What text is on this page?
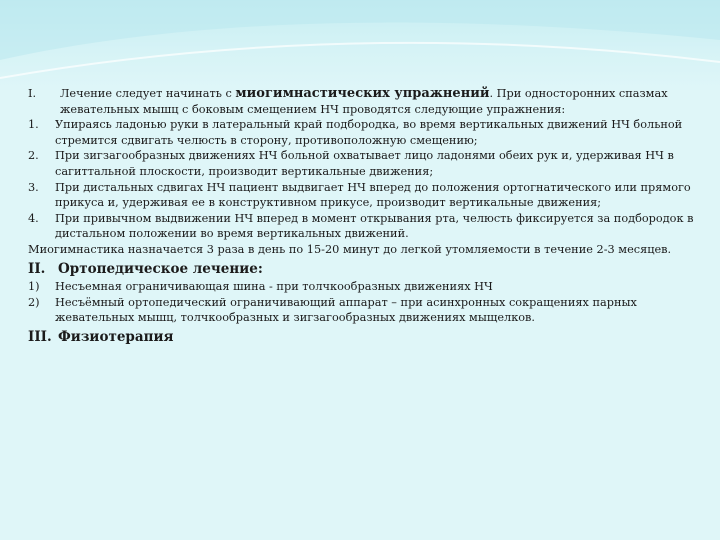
I.	Лечение следует начинать с миогимнастических упражнений. При односторонних спазмах жевательных мышц с боковым смещением НЧ проводятся следующие упражнения:
1.	Упираясь ладонью руки в латеральный край подбородка, во время вертикальных движений НЧ больной стремится сдвигать челюсть в сторону, противоположную смещению;
2.	При зигзагообразных движениях НЧ больной охватывает лицо ладонями обеих рук и, удерживая НЧ в сагиттальной плоскости, производит вертикальные движения;
3.	При дистальных сдвигах НЧ пациент выдвигает НЧ вперед до положения ортогнатического или прямого прикуса и, удерживая ее в конструктивном прикусе, производит вертикальные движения;
4.	При привычном выдвижении НЧ вперед в момент открывания рта, челюсть фиксируется за подбородок в дистальном положении во время вертикальных движений.
Миогимнастика назначается 3 раза в день по 15-20 минут до легкой утомляемости в течение 2-3 месяцев.
II. Ортопедическое лечение:
1)	Несъемная ограничивающая шина - при толчкообразных движениях НЧ
2)	Несъёмный ортопедический ограничивающий аппарат – при асинхронных сокращениях парных жевательных мышц, толчкообразных и зигзагообразных движениях мыщелков.
III. Физиотерапия
